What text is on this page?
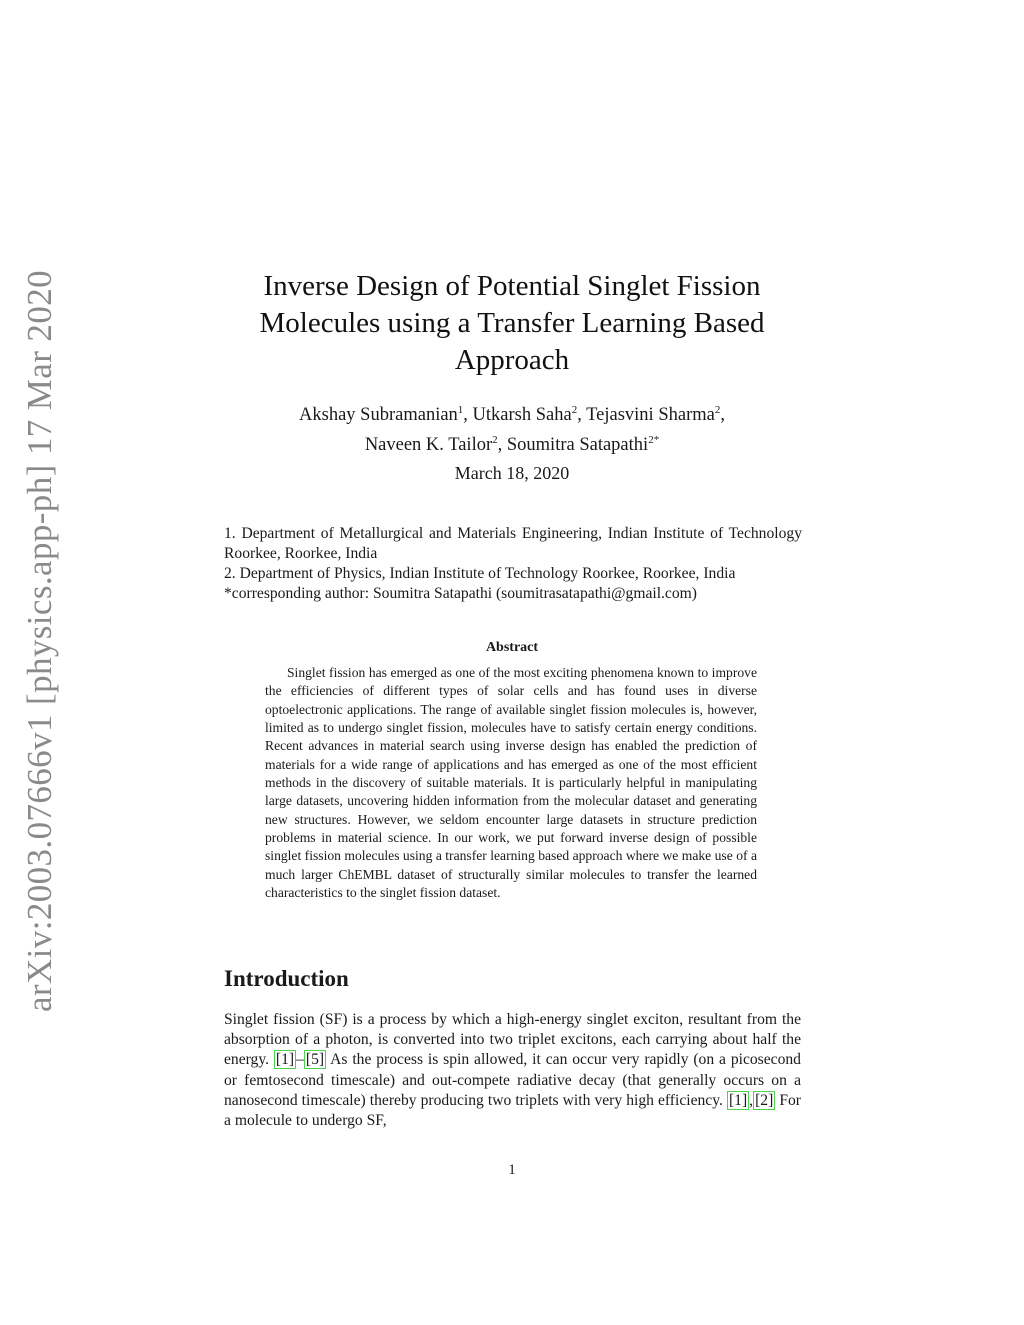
arXiv:2003.07666v1 [physics.app-ph] 17 Mar 2020	Inverse Design of Potential Singlet Fission Molecules using a Transfer Learning Based Approach
Akshay Subramanian$^1$, Utkarsh Saha$^2$, Tejasvini Sharma$^2$,
Naveen K. Tailor$^2$, Soumitra Satapathi$^{2*}$
March 18, 2020

1. Department of Metallurgical and Materials Engineering, Indian Institute of Technology Roorkee, Roorkee, India

2. Department of Physics, Indian Institute of Technology Roorkee, Roorkee, India

*corresponding author: Soumitra Satapathi (soumitrasatapathi@gmail.com)

Abstract

Singlet fission has emerged as one of the most exciting phenomena known to improve the efficiencies of different types of solar cells and has found uses in diverse optoelectronic applications. The range of available singlet fission molecules is, however, limited as to undergo singlet fission, molecules have to satisfy certain energy conditions. Recent advances in material search using inverse design has enabled the prediction of materials for a wide range of applications and has emerged as one of the most efficient methods in the discovery of suitable materials. It is particularly helpful in manipulating large datasets, uncovering hidden information from the molecular dataset and generating new structures. However, we seldom encounter large datasets in structure prediction problems in material science. In our work, we put forward inverse design of possible singlet fission molecules using a transfer learning based approach where we make use of a much larger ChEMBL dataset of structurally similar molecules to transfer the learned characteristics to the singlet fission dataset.

Introduction

Singlet fission (SF) is a process by which a high-energy singlet exciton, resultant from the absorption of a photon, is converted into two triplet excitons, each carrying about half the energy. [1] – [5] As the process is spin allowed, it can occur very rapidly (on a picosecond or femtosecond timescale) and out-compete radiative decay (that generally occurs on a nanosecond timescale) thereby producing two triplets with very high efficiency. [1] , [2] For a molecule to undergo SF,

1
